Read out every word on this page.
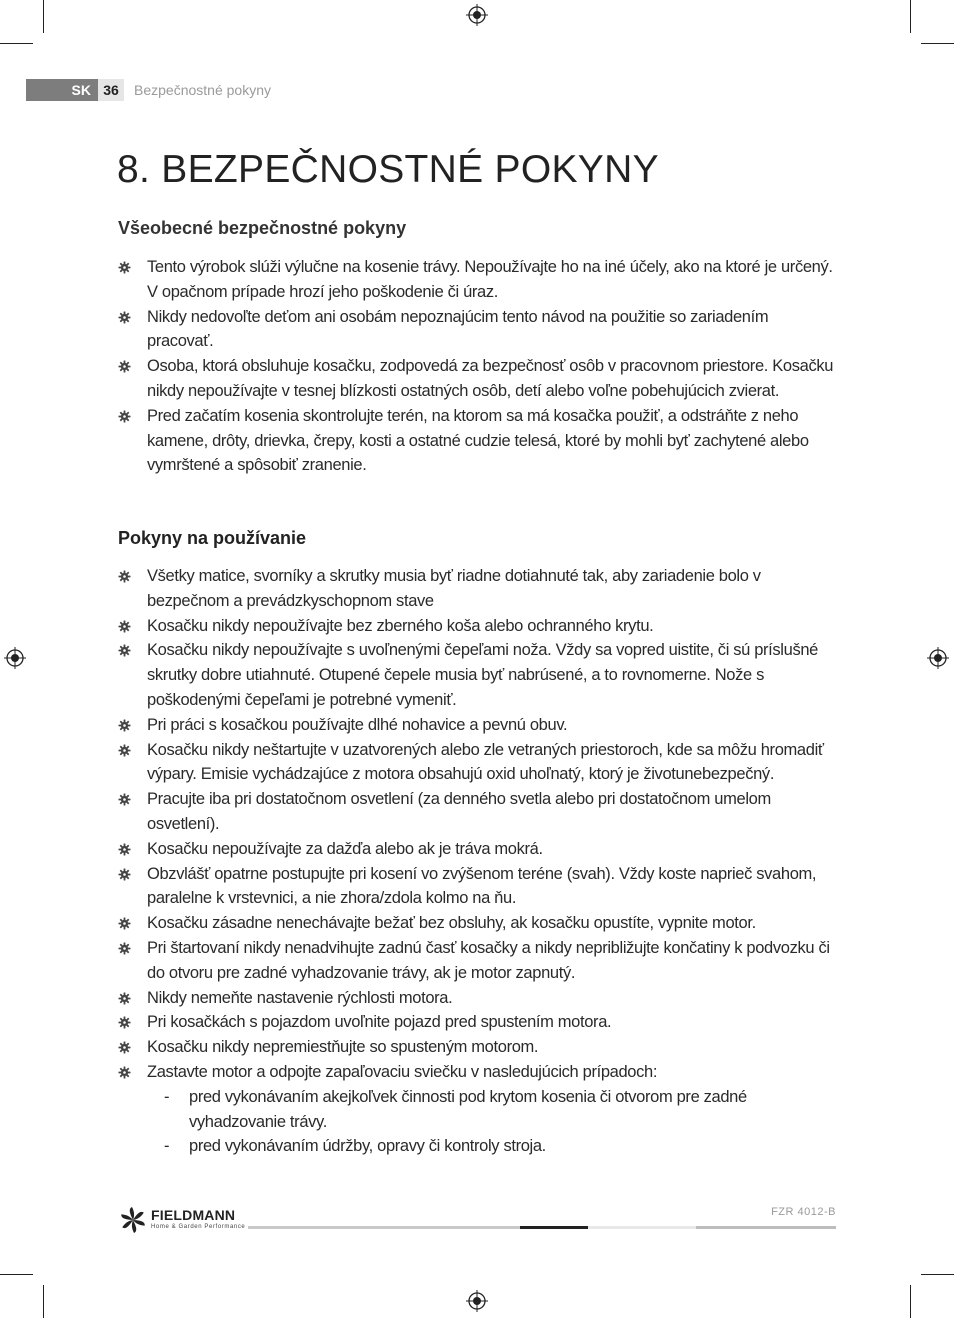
SK 36	Bezpečnostné pokyny
8. BEZPEČNOSTNÉ POKYNY
Všeobecné bezpečnostné pokyny
Tento výrobok slúži výlučne na kosenie trávy. Nepoužívajte ho na iné účely, ako na ktoré je určený. V opačnom prípade hrozí jeho poškodenie či úraz.
Nikdy nedovoľte deťom ani osobám nepoznajúcim tento návod na použitie so zariadením pracovať.
Osoba, ktorá obsluhuje kosačku, zodpovedá za bezpečnosť osôb v pracovnom priestore. Kosačku nikdy nepoužívajte v tesnej blízkosti ostatných osôb, detí alebo voľne pobehujúcich zvierat.
Pred začatím kosenia skontrolujte terén, na ktorom sa má kosačka použiť, a odstráňte z neho kamene, drôty, drievka, črepy, kosti a ostatné cudzie telesá, ktoré by mohli byť zachytené alebo vymrštené a spôsobiť zranenie.
Pokyny na používanie
Všetky matice, svorníky a skrutky musia byť riadne dotiahnuté tak, aby zariadenie bolo v bezpečnom a prevádzkyschopnom stave
Kosačku nikdy nepoužívajte bez zberného koša alebo ochranného krytu.
Kosačku nikdy nepoužívajte s uvoľnenými čepeľami noža. Vždy sa vopred uistite, či sú príslušné skrutky dobre utiahnuté. Otupené čepele musia byť nabrúsené, a to rovnomerne. Nože s poškodenými čepeľami je potrebné vymeniť.
Pri práci s kosačkou používajte dlhé nohavice a pevnú obuv.
Kosačku nikdy neštartujte v uzatvorených alebo zle vetraných priestoroch, kde sa môžu hromadiť výpary. Emisie vychádzajúce z motora obsahujú oxid uhoľnatý, ktorý je životunebezpečný.
Pracujte iba pri dostatočnom osvetlení (za denného svetla alebo pri dostatočnom umelom osvetlení).
Kosačku nepoužívajte za dažďa alebo ak je tráva mokrá.
Obzvlášť opatrne postupujte pri kosení vo zvýšenom teréne (svah). Vždy koste naprieč svahom, paralelne k vrstevnici, a nie zhora/zdola kolmo na ňu.
Kosačku zásadne nenechávajte bežať bez obsluhy, ak kosačku opustíte, vypnite motor.
Pri štartovaní nikdy nenadvihujte zadnú časť kosačky a nikdy nepribližujte končatiny k podvozku či do otvoru pre zadné vyhadzovanie trávy, ak je motor zapnutý.
Nikdy nemeňte nastavenie rýchlosti motora.
Pri kosačkách s pojazdom uvoľnite pojazd pred spustením motora.
Kosačku nikdy nepremiestňujte so spusteným motorom.
Zastavte motor a odpojte zapaľovaciu sviečku v nasledujúcich prípadoch:
- pred vykonávaním akejkoľvek činnosti pod krytom kosenia či otvorom pre zadné vyhadzovanie trávy.
- pred vykonávaním údržby, opravy či kontroly stroja.
FIELDMANN
Home & Garden Performance
FZR 4012-B
